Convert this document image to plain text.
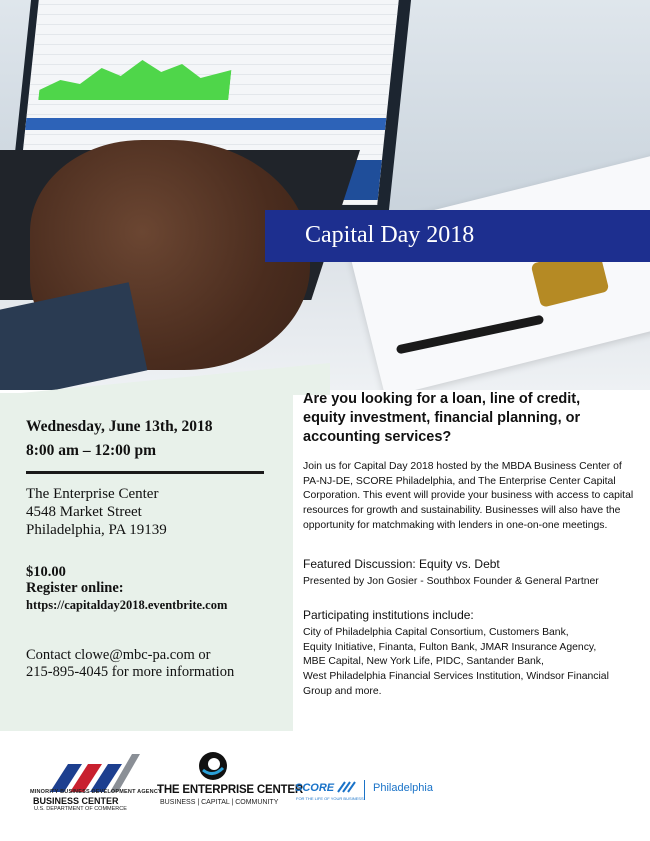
Capital Day 2018
Wednesday, June 13th, 2018
8:00 am – 12:00 pm
The Enterprise Center
4548 Market Street
Philadelphia, PA 19139
$10.00
Register online:
https://capitalday2018.eventbrite.com
Contact clowe@mbc-pa.com or
215-895-4045 for more information
Are you looking for a loan, line of credit,
equity investment, financial planning, or
accounting services?
Join us for Capital Day 2018 hosted by the MBDA Business Center of
PA-NJ-DE, SCORE Philadelphia, and The Enterprise Center Capital
Corporation. This event will provide your business with access to capital
resources for growth and sustainability. Businesses will also have the
opportunity for matchmaking with lenders in one-on-one meetings.
Featured Discussion: Equity vs. Debt
Presented by Jon Gosier - Southbox Founder & General Partner
Participating institutions include:
City of Philadelphia Capital Consortium, Customers Bank,
Equity Initiative, Finanta, Fulton Bank, JMAR Insurance Agency,
MBE Capital, New York Life, PIDC, Santander Bank,
West Philadelphia Financial Services Institution, Windsor Financial
Group and more.
MINORITY BUSINESS DEVELOPMENT AGENCY
BUSINESS CENTER
U.S. DEPARTMENT OF COMMERCE
THE ENTERPRISE CENTER
BUSINESS | CAPITAL | COMMUNITY
SCORE
FOR THE LIFE OF YOUR BUSINESS
Philadelphia
